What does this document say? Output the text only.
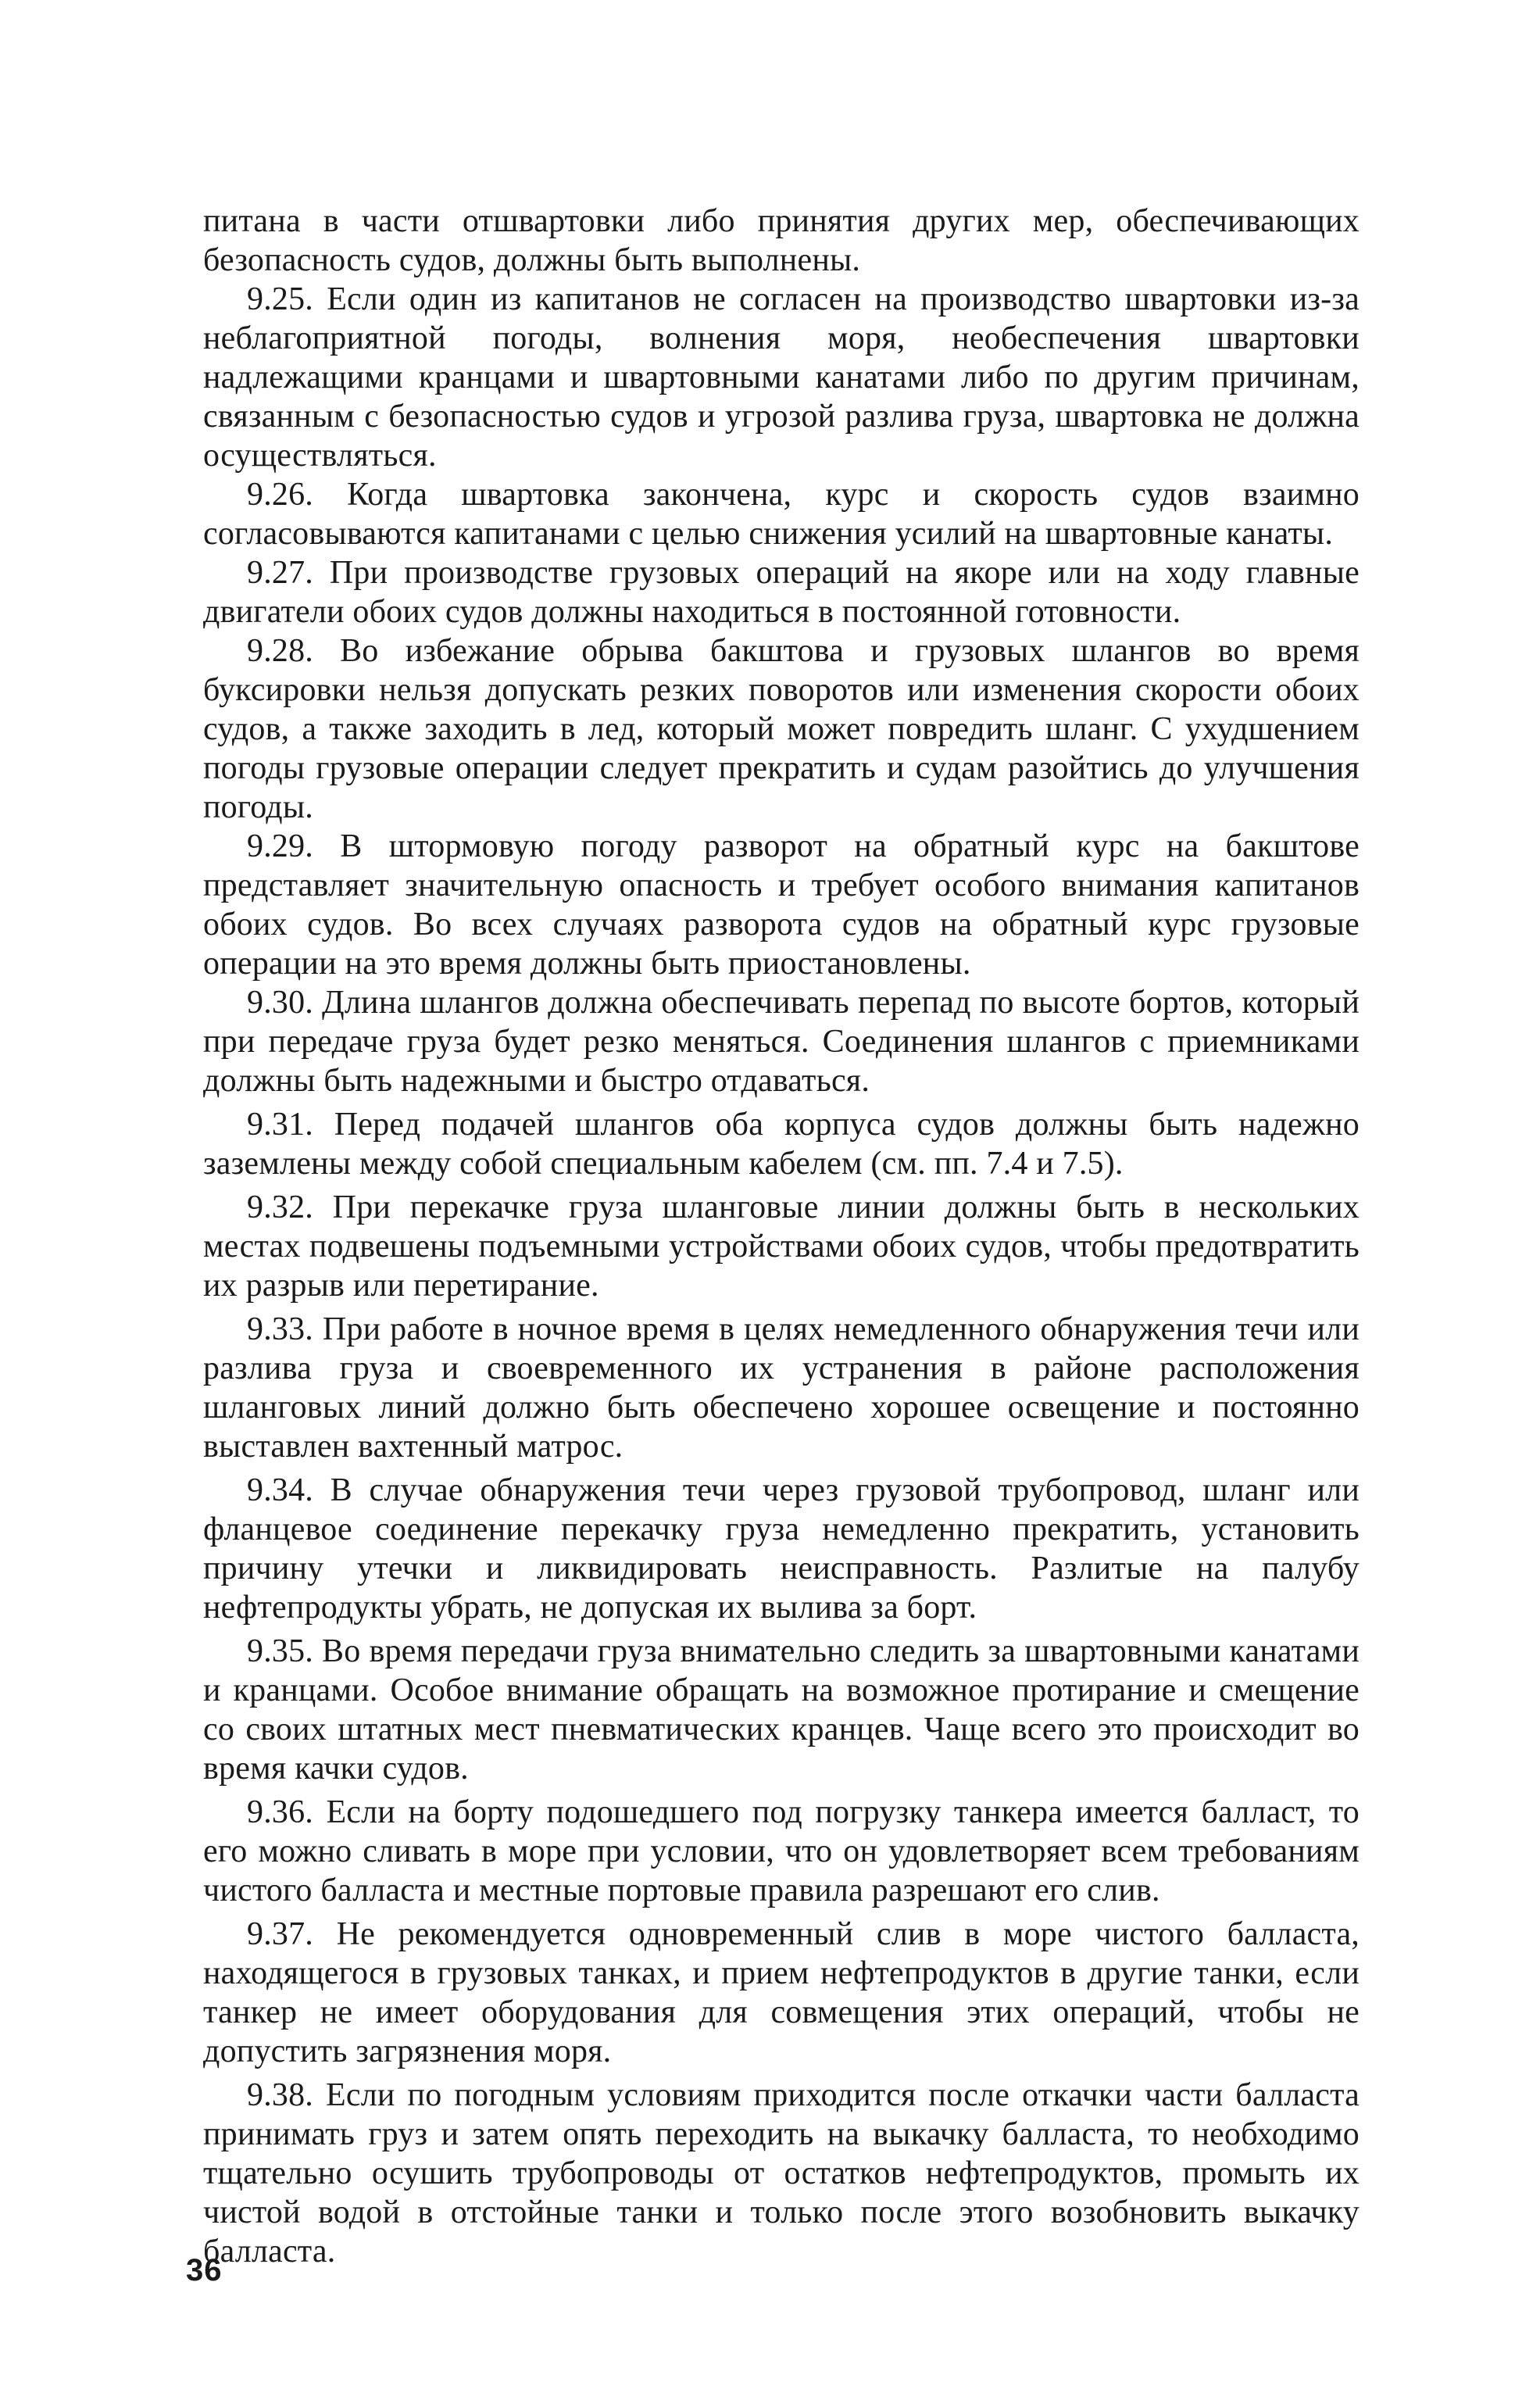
питана в части отшвартовки либо принятия других мер, обеспечивающих безопасность судов, должны быть выполнены.

9.25. Если один из капитанов не согласен на производство швартовки из-за неблагоприятной погоды, волнения моря, необеспечения швартовки надлежащими кранцами и швартовными канатами либо по другим причинам, связанным с безопасностью судов и угрозой разлива груза, швартовка не должна осуществляться.

9.26. Когда швартовка закончена, курс и скорость судов взаимно согласовываются капитанами с целью снижения усилий на швартовные канаты.

9.27. При производстве грузовых операций на якоре или на ходу главные двигатели обоих судов должны находиться в постоянной готовности.

9.28. Во избежание обрыва бакштова и грузовых шлангов во время буксировки нельзя допускать резких поворотов или изменения скорости обоих судов, а также заходить в лед, который может повредить шланг. С ухудшением погоды грузовые операции следует прекратить и судам разойтись до улучшения погоды.

9.29. В штормовую погоду разворот на обратный курс на бакштове представляет значительную опасность и требует особого внимания капитанов обоих судов. Во всех случаях разворота судов на обратный курс грузовые операции на это время должны быть приостановлены.

9.30. Длина шлангов должна обеспечивать перепад по высоте бортов, который при передаче груза будет резко меняться. Соединения шлангов с приемниками должны быть надежными и быстро отдаваться.

9.31. Перед подачей шлангов оба корпуса судов должны быть надежно заземлены между собой специальным кабелем (см. пп. 7.4 и 7.5).

9.32. При перекачке груза шланговые линии должны быть в нескольких местах подвешены подъемными устройствами обоих судов, чтобы предотвратить их разрыв или перетирание.

9.33. При работе в ночное время в целях немедленного обнаружения течи или разлива груза и своевременного их устранения в районе расположения шланговых линий должно быть обеспечено хорошее освещение и постоянно выставлен вахтенный матрос.

9.34. В случае обнаружения течи через грузовой трубопровод, шланг или фланцевое соединение перекачку груза немедленно прекратить, установить причину утечки и ликвидировать неисправность. Разлитые на палубу нефтепродукты убрать, не допуская их вылива за борт.

9.35. Во время передачи груза внимательно следить за швартовными канатами и кранцами. Особое внимание обращать на возможное протирание и смещение со своих штатных мест пневматических кранцев. Чаще всего это происходит во время качки судов.

9.36. Если на борту подошедшего под погрузку танкера имеется балласт, то его можно сливать в море при условии, что он удовлетворяет всем требованиям чистого балласта и местные портовые правила разрешают его слив.

9.37. Не рекомендуется одновременный слив в море чистого балласта, находящегося в грузовых танках, и прием нефтепродуктов в другие танки, если танкер не имеет оборудования для совмещения этих операций, чтобы не допустить загрязнения моря.

9.38. Если по погодным условиям приходится после откачки части балласта принимать груз и затем опять переходить на выкачку балласта, то необходимо тщательно осушить трубопроводы от остатков нефтепродуктов, промыть их чистой водой в отстойные танки и только после этого возобновить выкачку балласта.

36
